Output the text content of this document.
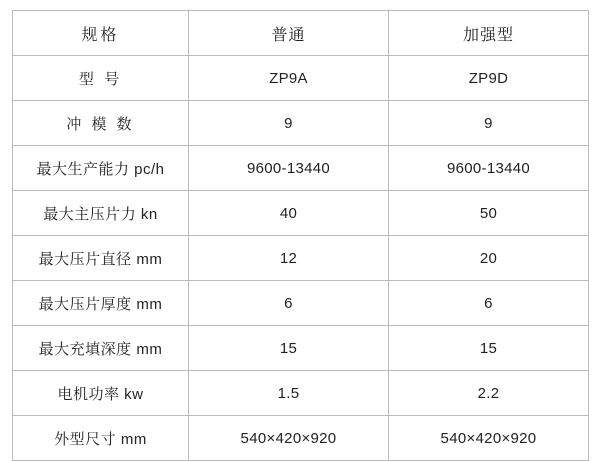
规格	普通	加强型
型 号	ZP9A	ZP9D
冲 模 数	9	9
最大生产能力 pc/h	9600-13440	9600-13440
最大主压片力 kn	40	50
最大压片直径 mm	12	20
最大压片厚度 mm	6	6
最大充填深度 mm	15	15
电机功率 kw	1.5	2.2
外型尺寸 mm	540×420×920	540×420×920
